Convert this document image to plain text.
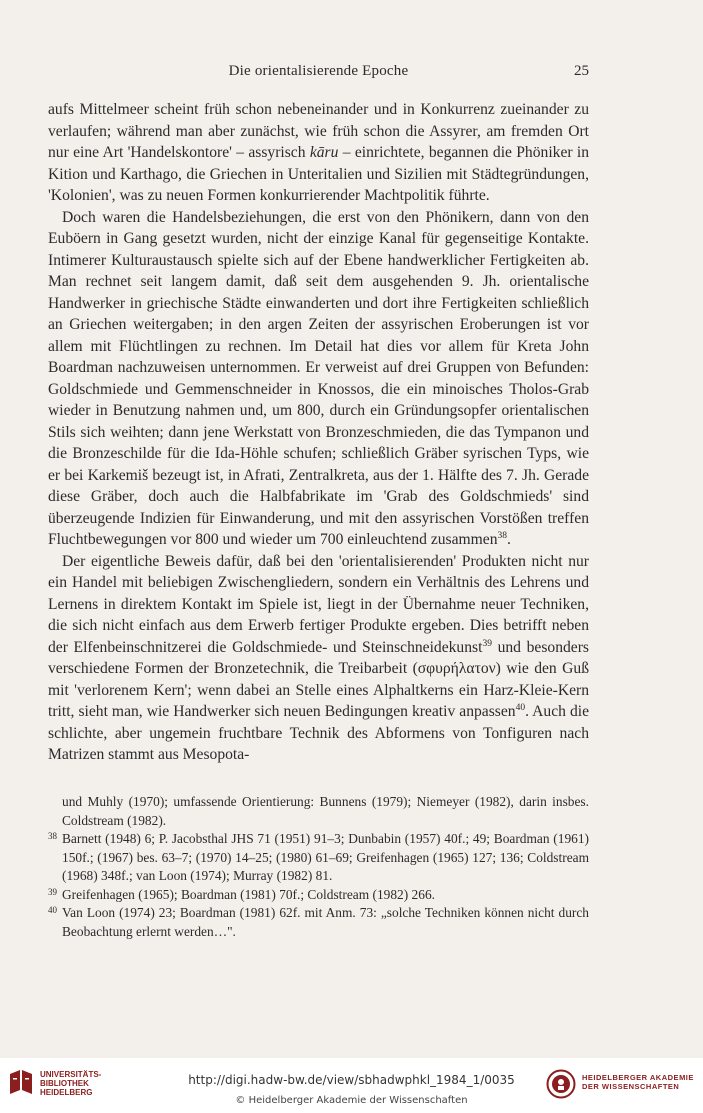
Die orientalisierende Epoche	25

aufs Mittelmeer scheint früh schon nebeneinander und in Konkurrenz zueinander zu verlaufen; während man aber zunächst, wie früh schon die Assyrer, am fremden Ort nur eine Art 'Handelskontore' – assyrisch kāru – einrichtete, begannen die Phöniker in Kition und Karthago, die Griechen in Unteritalien und Sizilien mit Städtegründungen, 'Kolonien', was zu neuen Formen konkurrierender Machtpolitik führte.

Doch waren die Handelsbeziehungen, die erst von den Phönikern, dann von den Euböern in Gang gesetzt wurden, nicht der einzige Kanal für gegenseitige Kontakte. Intimerer Kulturaustausch spielte sich auf der Ebene handwerklicher Fertigkeiten ab. Man rechnet seit langem damit, daß seit dem ausgehenden 9. Jh. orientalische Handwerker in griechische Städte einwanderten und dort ihre Fertigkeiten schließlich an Griechen weitergaben; in den argen Zeiten der assyrischen Eroberungen ist vor allem mit Flüchtlingen zu rechnen. Im Detail hat dies vor allem für Kreta John Boardman nachzuweisen unternommen. Er verweist auf drei Gruppen von Befunden: Goldschmiede und Gemmenschneider in Knossos, die ein minoisches Tholos-Grab wieder in Benutzung nahmen und, um 800, durch ein Gründungsopfer orientalischen Stils sich weihten; dann jene Werkstatt von Bronzeschmieden, die das Tympanon und die Bronzeschilde für die Ida-Höhle schufen; schließlich Gräber syrischen Typs, wie er bei Karkemiš bezeugt ist, in Afrati, Zentralkreta, aus der 1. Hälfte des 7. Jh. Gerade diese Gräber, doch auch die Halbfabrikate im 'Grab des Goldschmieds' sind überzeugende Indizien für Einwanderung, und mit den assyrischen Vorstößen treffen Fluchtbewegungen vor 800 und wieder um 700 einleuchtend zusammen$^{38}$.

Der eigentliche Beweis dafür, daß bei den 'orientalisierenden' Produkten nicht nur ein Handel mit beliebigen Zwischengliedern, sondern ein Verhältnis des Lehrens und Lernens in direktem Kontakt im Spiele ist, liegt in der Übernahme neuer Techniken, die sich nicht einfach aus dem Erwerb fertiger Produkte ergeben. Dies betrifft neben der Elfenbeinschnitzerei die Goldschmiede- und Steinschneidekunst$^{39}$ und besonders verschiedene Formen der Bronzetechnik, die Treibarbeit (σφυρήλατον) wie den Guß mit 'verlorenem Kern'; wenn dabei an Stelle eines Alphaltkerns ein Harz-Kleie-Kern tritt, sieht man, wie Handwerker sich neuen Bedingungen kreativ anpassen$^{40}$. Auch die schlichte, aber ungemein fruchtbare Technik des Abformens von Tonfiguren nach Matrizen stammt aus Mesopota-

und Muhly (1970); umfassende Orientierung: Bunnens (1979); Niemeyer (1982), darin insbes. Coldstream (1982).
38 Barnett (1948) 6; P. Jacobsthal JHS 71 (1951) 91–3; Dunbabin (1957) 40f.; 49; Boardman (1961) 150f.; (1967) bes. 63–7; (1970) 14–25; (1980) 61–69; Greifenhagen (1965) 127; 136; Coldstream (1968) 348f.; van Loon (1974); Murray (1982) 81.
39 Greifenhagen (1965); Boardman (1981) 70f.; Coldstream (1982) 266.
40 Van Loon (1974) 23; Boardman (1981) 62f. mit Anm. 73: „solche Techniken können nicht durch Beobachtung erlernt werden…".
UNIVERSITÄTS-
BIBLIOTHEK
HEIDELBERG
http://digi.hadw-bw.de/view/sbhadwphkl_1984_1/0035
© Heidelberger Akademie der Wissenschaften
HEIDELBERGER AKADEMIE
DER WISSENSCHAFTEN
